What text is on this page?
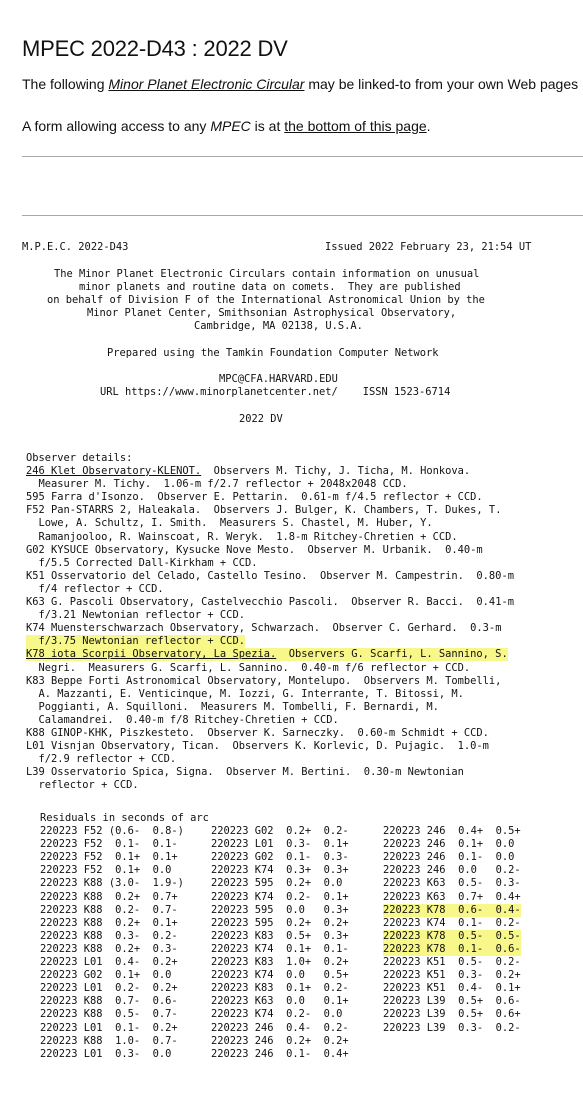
MPEC 2022-D43 : 2022 DV
The following Minor Planet Electronic Circular may be linked-to from your own Web pages
A form allowing access to any MPEC is at the bottom of this page.
M.P.E.C. 2022-D43	Issued 2022 February 23, 21:54 UT
The Minor Planet Electronic Circulars contain information on unusual
minor planets and routine data on comets.  They are published
on behalf of Division F of the International Astronomical Union by the
Minor Planet Center, Smithsonian Astrophysical Observatory,
Cambridge, MA 02138, U.S.A.
Prepared using the Tamkin Foundation Computer Network
MPC@CFA.HARVARD.EDU
URL https://www.minorplanetcenter.net/    ISSN 1523-6714
2022 DV
Observer details:
246 Klet Observatory-KLENOT.  Observers M. Tichy, J. Ticha, M. Honkova.
Measurer M. Tichy.  1.06-m f/2.7 reflector + 2048x2048 CCD.
595 Farra d'Isonzo.  Observer E. Pettarin.  0.61-m f/4.5 reflector + CCD.
F52 Pan-STARRS 2, Haleakala.  Observers J. Bulger, K. Chambers, T. Dukes, T.
Lowe, A. Schultz, I. Smith.  Measurers S. Chastel, M. Huber, Y.
Ramanjooloo, R. Wainscoat, R. Weryk.  1.8-m Ritchey-Chretien + CCD.
G02 KYSUCE Observatory, Kysucke Nove Mesto.  Observer M. Urbanik.  0.40-m
f/5.5 Corrected Dall-Kirkham + CCD.
K51 Osservatorio del Celado, Castello Tesino.  Observer M. Campestrin.  0.80-m
f/4 reflector + CCD.
K63 G. Pascoli Observatory, Castelvecchio Pascoli.  Observer R. Bacci.  0.41-m
f/3.21 Newtonian reflector + CCD.
K74 Muensterschwarzach Observatory, Schwarzach.  Observer C. Gerhard.  0.3-m
f/3.75 Newtonian reflector + CCD.
K78 iota Scorpii Observatory, La Spezia.  Observers G. Scarfi, L. Sannino, S.
Negri.  Measurers G. Scarfi, L. Sannino.  0.40-m f/6 reflector + CCD.
K83 Beppe Forti Astronomical Observatory, Montelupo.  Observers M. Tombelli,
A. Mazzanti, E. Venticinque, M. Iozzi, G. Interrante, T. Bitossi, M.
Poggianti, A. Squilloni.  Measurers M. Tombelli, F. Bernardi, M.
Calamandrei.  0.40-m f/8 Ritchey-Chretien + CCD.
K88 GINOP-KHK, Piszkesteto.  Observer K. Sarneczky.  0.60-m Schmidt + CCD.
L01 Visnjan Observatory, Tican.  Observers K. Korlevic, D. Pujagic.  1.0-m
f/2.9 reflector + CCD.
L39 Osservatorio Spica, Signa.  Observer M. Bertini.  0.30-m Newtonian
reflector + CCD.
Residuals in seconds of arc
220223 F52 (0.6-  0.8-)	220223 G02  0.2+  0.2-	220223 246  0.4+  0.5+
220223 F52  0.1-  0.1-	220223 L01  0.3-  0.1+	220223 246  0.1+  0.0
220223 F52  0.1+  0.1+	220223 G02  0.1-  0.3-	220223 246  0.1-  0.0
220223 F52  0.1+  0.0	220223 K74  0.3+  0.3+	220223 246  0.0   0.2-
220223 K88 (3.0-  1.9-)	220223 595  0.2+  0.0	220223 K63  0.5-  0.3-
220223 K88  0.2+  0.7+	220223 K74  0.2-  0.1+	220223 K63  0.7+  0.4+
220223 K88  0.2-  0.7-	220223 595  0.0   0.3+	220223 K78  0.6-  0.4-
220223 K88  0.2+  0.1+	220223 595  0.2+  0.2+	220223 K74  0.1-  0.2-
220223 K88  0.3-  0.2-	220223 K83  0.5+  0.3+	220223 K78  0.5-  0.5-
220223 K88  0.2+  0.3-	220223 K74  0.1+  0.1-	220223 K78  0.1-  0.6-
220223 L01  0.4-  0.2+	220223 K83  1.0+  0.2+	220223 K51  0.5-  0.2-
220223 G02  0.1+  0.0	220223 K74  0.0   0.5+	220223 K51  0.3-  0.2+
220223 L01  0.2-  0.2+	220223 K83  0.1+  0.2-	220223 K51  0.4-  0.1+
220223 K88  0.7-  0.6-	220223 K63  0.0   0.1+	220223 L39  0.5+  0.6-
220223 K88  0.5-  0.7-	220223 K74  0.2-  0.0	220223 L39  0.5+  0.6+
220223 L01  0.1-  0.2+	220223 246  0.4-  0.2-	220223 L39  0.3-  0.2-
220223 K88  1.0-  0.7-	220223 246  0.2+  0.2+
220223 L01  0.3-  0.0	220223 246  0.1-  0.4+
